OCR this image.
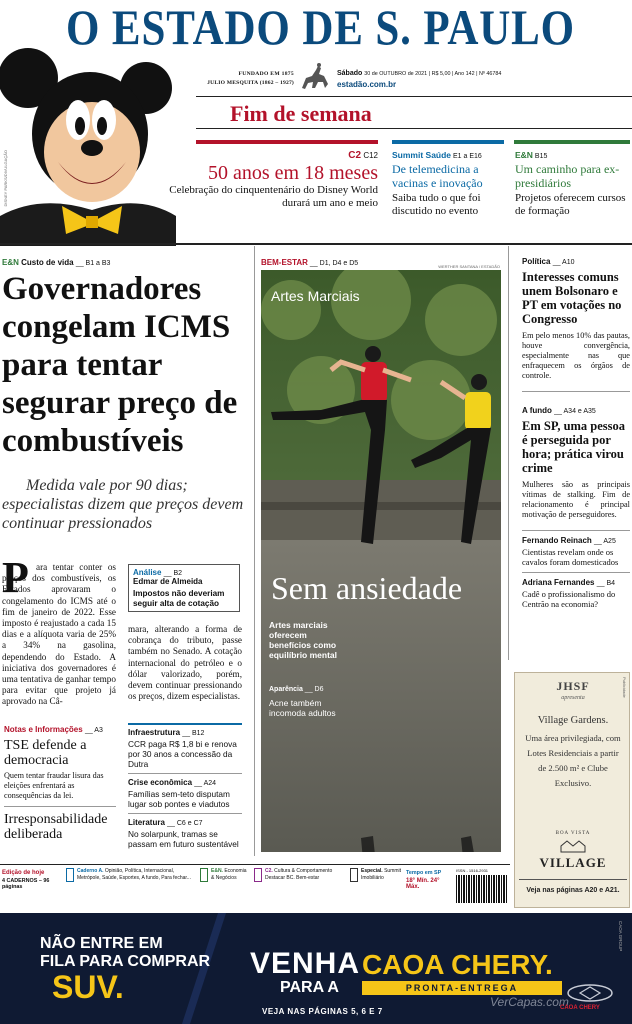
O ESTADO DE S. PAULO
FUNDADO EM 1875
JULIO MESQUITA (1862 – 1927)
Sábado 30 de OUTUBRO de 2021 | R$ 5,00 | Ano 142 | Nº 46784
estadão.com.br
DISNEY PARKS/DIVULGAÇÃO
Fim de semana
C2 C12
50 anos em 18 meses
Celebração do cinquentenário do Disney World durará um ano e meio
Summit Saúde E1 a E16
De telemedicina a vacinas e inovação
Saiba tudo o que foi discutido no evento
E&N B15
Um caminho para ex-presidiários
Projetos oferecem cursos de formação
E&N Custo de vida __ B1 a B3
Governadores congelam ICMS para tentar segurar preço de combustíveis
Medida vale por 90 dias; especialistas dizem que preços devem continuar pressionados
P ara tentar conter os preços dos combustíveis, os Estados aprovaram o congelamento do ICMS até o fim de janeiro de 2022. Esse imposto é reajustado a cada 15 dias e a alíquota varia de 25% a 34% na gasolina, dependendo do Estado. A iniciativa dos governadores é uma tentativa de ganhar tempo para evitar que projeto já aprovado na Câ-
Análise __ B2
Edmar de Almeida
Impostos não deveriam seguir alta de cotação
mara, alterando a forma de cobrança do tributo, passe também no Senado. A cotação internacional do petróleo e o dólar valorizado, porém, devem continuar pressionando os preços, dizem especialistas.
Notas e Informações __ A3
TSE defende a democracia
Quem tentar fraudar lisura das eleições enfrentará as consequências da lei.
Irresponsabilidade deliberada
Infraestrutura __ B12
CCR paga R$ 1,8 bi e renova por 30 anos a concessão da Dutra
Crise econômica __ A24
Famílias sem-teto disputam lugar sob pontes e viadutos
Literatura __ C6 e C7
No solarpunk, tramas se passam em futuro sustentável
BEM-ESTAR __ D1, D4 e D5	WERTHER SANTANA / ESTADÃO
Artes Marciais
Sem ansiedade
Artes marciais oferecem benefícios como equilíbrio mental
Aparência __ D6
Acne também incomoda adultos
Política __ A10
Interesses comuns unem Bolsonaro e PT em votações no Congresso
Em pelo menos 10% das pautas, houve convergência, especialmente nas que enfraquecem os órgãos de controle.
A fundo __ A34 e A35
Em SP, uma pessoa é perseguida por hora; prática virou crime
Mulheres são as principais vítimas de stalking. Fim de relacionamento é principal motivação de perseguidores.
Fernando Reinach __ A25
Cientistas revelam onde os cavalos foram domesticados
Adriana Fernandes __ B4
Cadê o profissionalismo do Centrão na economia?
JHSF
apresenta
Village Gardens.
Uma área privilegiada, com Lotes Residenciais a partir de 2.500 m² e Clube Exclusivo.
BOA VISTA
VILLAGE
Veja nas páginas A20 e A21.
Publicidade
Edição de hoje
4 CADERNOS – 96 páginas
Caderno A. Opinião, Política, Internacional, Metrópole, Saúde, Esportes, A fundo, Para fechar...
E&N. Economia & Negócios
C2. Cultura & Comportamento Destacar BC. Bem-estar
Especial. Summit Imobiliário
Tempo em SP
18° Mín. 24° Máx.
ISSN - 1516-2931
NÃO ENTRE EM
FILA PARA COMPRAR
SUV.
VENHA
PARA A
CAOA CHERY.
PRONTA-ENTREGA
VEJA NAS PÁGINAS 5, 6 E 7
VerCapas.com
CAOA CHERY
CAOA GROUP
